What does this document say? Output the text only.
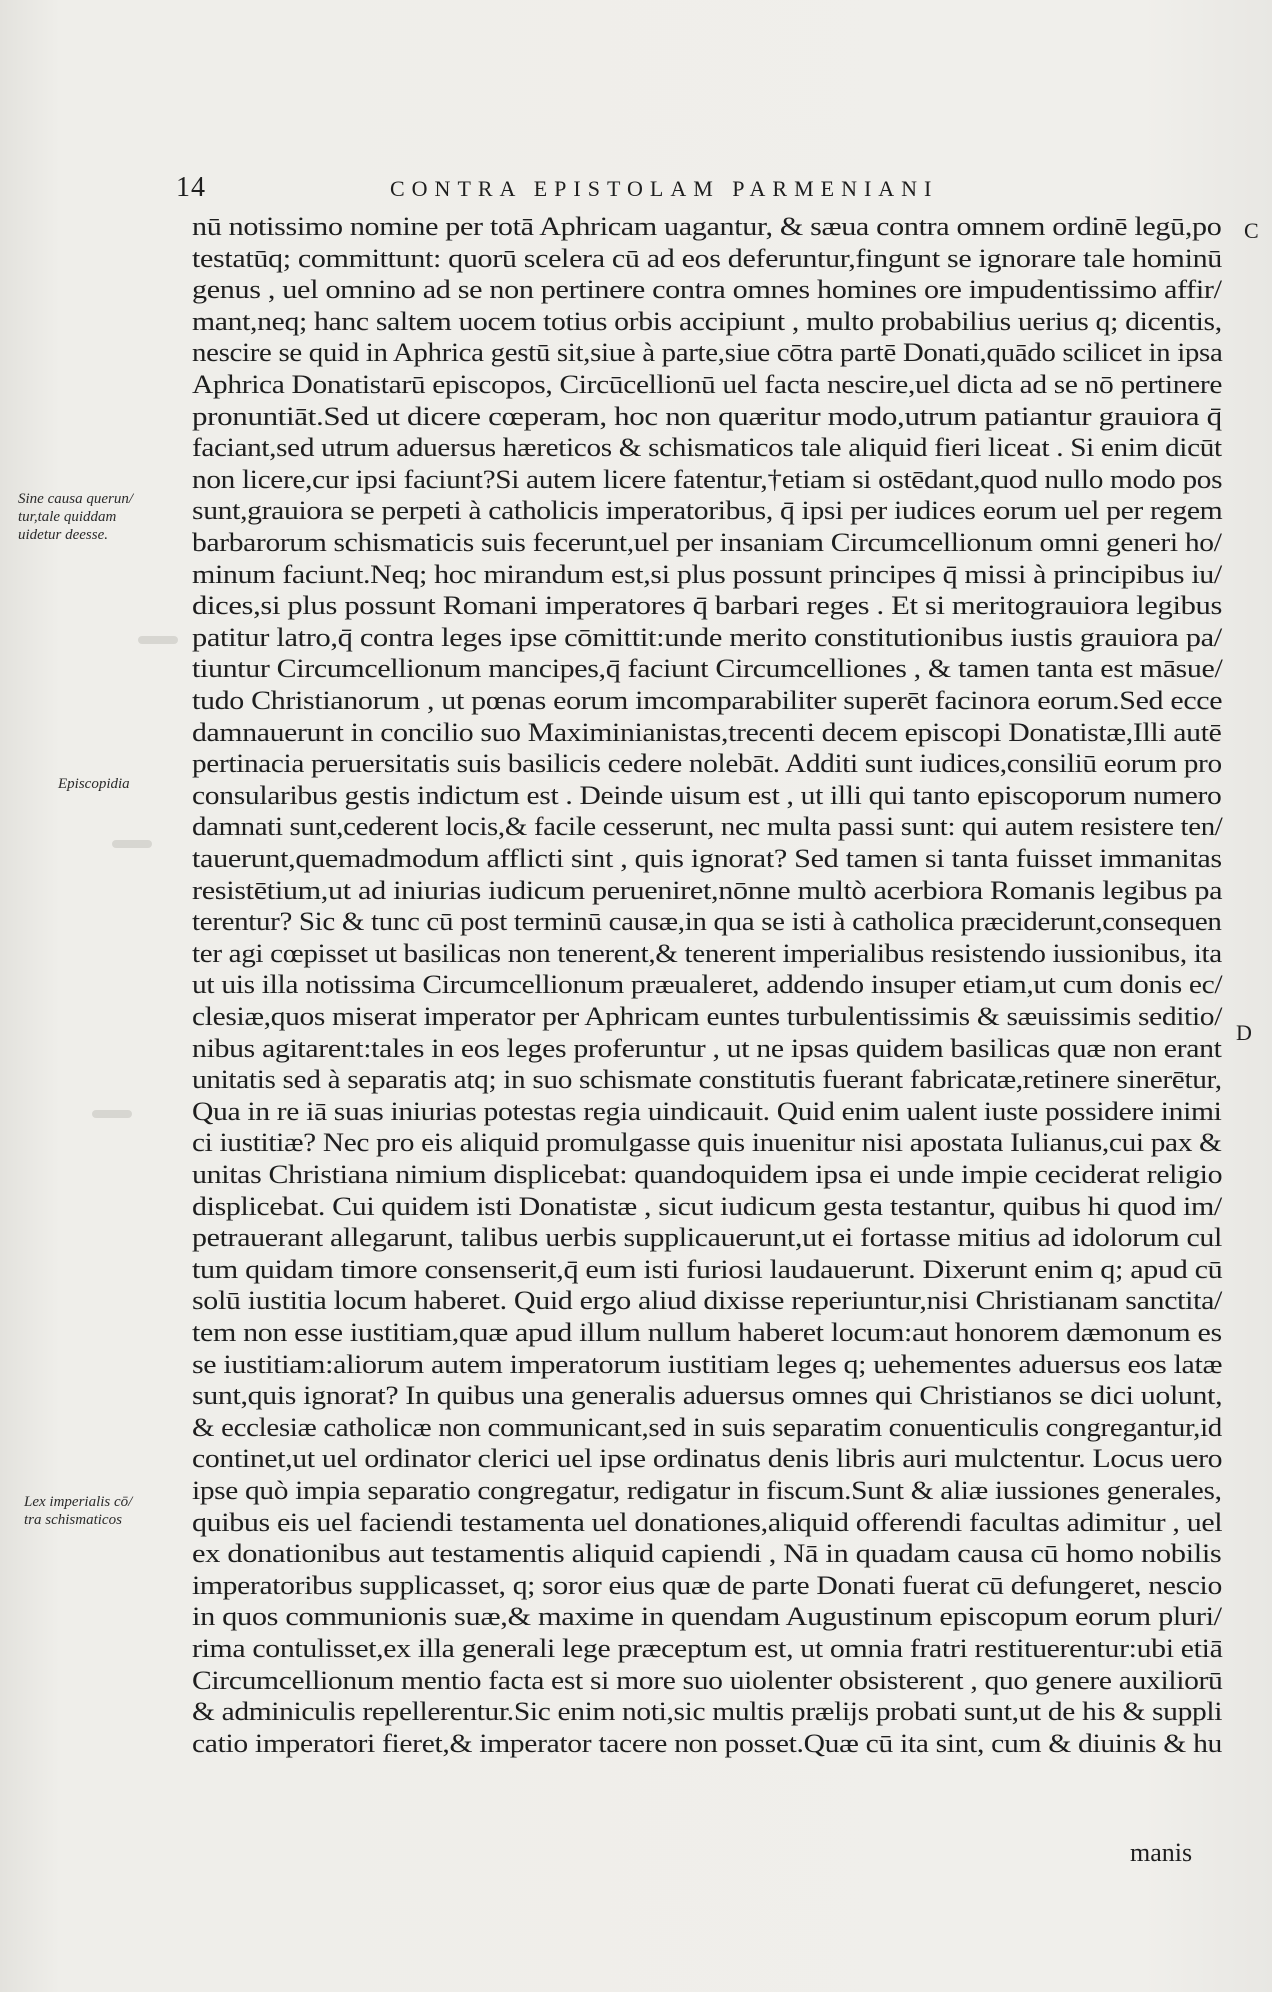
14	CONTRA EPISTOLAM PARMENIANI
nū notissimo nomine per totā Aphricam uagantur, & sæua contra omnem ordinē legū,po
testatūq; committunt: quorū scelera cū ad eos deferuntur,fingunt se ignorare tale hominū
genus , uel omnino ad se non pertinere contra omnes homines ore impudentissimo affir/
mant,neq; hanc saltem uocem totius orbis accipiunt , multo probabilius uerius q; dicentis,
nescire se quid in Aphrica gestū sit,siue à parte,siue cōtra partē Donati,quādo scilicet in ipsa
Aphrica Donatistarū episcopos, Circūcellionū uel facta nescire,uel dicta ad se nō pertinere
pronuntiāt.Sed ut dicere cœperam, hoc non quæritur modo,utrum patiantur grauiora q̄
faciant,sed utrum aduersus hæreticos & schismaticos tale aliquid fieri liceat . Si enim dicūt
non licere,cur ipsi faciunt?Si autem licere fatentur,†etiam si ostēdant,quod nullo modo pos
sunt,grauiora se perpeti à catholicis imperatoribus, q̄ ipsi per iudices eorum uel per regem
barbarorum schismaticis suis fecerunt,uel per insaniam Circumcellionum omni generi ho/
minum faciunt.Neq; hoc mirandum est,si plus possunt principes q̄ missi à principibus iu/
dices,si plus possunt Romani imperatores q̄ barbari reges . Et si meritograuiora legibus
patitur latro,q̄ contra leges ipse cōmittit:unde merito constitutionibus iustis grauiora pa/
tiuntur Circumcellionum mancipes,q̄ faciunt Circumcelliones , & tamen tanta est māsue/
tudo Christianorum , ut pœnas eorum imcomparabiliter superēt facinora eorum.Sed ecce
damnauerunt in concilio suo Maximinianistas,trecenti decem episcopi Donatistæ,Illi autē
pertinacia peruersitatis suis basilicis cedere nolebāt. Additi sunt iudices,consiliū eorum pro
consularibus gestis indictum est . Deinde uisum est , ut illi qui tanto episcoporum numero
damnati sunt,cederent locis,& facile cesserunt, nec multa passi sunt: qui autem resistere ten/
tauerunt,quemadmodum afflicti sint , quis ignorat? Sed tamen si tanta fuisset immanitas
resistētium,ut ad iniurias iudicum perueniret,nōnne multò acerbiora Romanis legibus pa
terentur? Sic & tunc cū post terminū causæ,in qua se isti à catholica præciderunt,consequen
ter agi cœpisset ut basilicas non tenerent,& tenerent imperialibus resistendo iussionibus, ita
ut uis illa notissima Circumcellionum præualeret, addendo insuper etiam,ut cum donis ec/
clesiæ,quos miserat imperator per Aphricam euntes turbulentissimis & sæuissimis seditio/
nibus agitarent:tales in eos leges proferuntur , ut ne ipsas quidem basilicas quæ non erant
unitatis sed à separatis atq; in suo schismate constitutis fuerant fabricatæ,retinere sinerētur,
Qua in re iā suas iniurias potestas regia uindicauit. Quid enim ualent iuste possidere inimi
ci iustitiæ? Nec pro eis aliquid promulgasse quis inuenitur nisi apostata Iulianus,cui pax &
unitas Christiana nimium displicebat: quandoquidem ipsa ei unde impie ceciderat religio
displicebat. Cui quidem isti Donatistæ , sicut iudicum gesta testantur, quibus hi quod im/
petrauerant allegarunt, talibus uerbis supplicauerunt,ut ei fortasse mitius ad idolorum cul
tum quidam timore consenserit,q̄ eum isti furiosi laudauerunt. Dixerunt enim q; apud cū
solū iustitia locum haberet. Quid ergo aliud dixisse reperiuntur,nisi Christianam sanctita/
tem non esse iustitiam,quæ apud illum nullum haberet locum:aut honorem dæmonum es
se iustitiam:aliorum autem imperatorum iustitiam leges q; uehementes aduersus eos latæ
sunt,quis ignorat? In quibus una generalis aduersus omnes qui Christianos se dici uolunt,
& ecclesiæ catholicæ non communicant,sed in suis separatim conuenticulis congregantur,id
continet,ut uel ordinator clerici uel ipse ordinatus denis libris auri mulctentur. Locus uero
ipse quò impia separatio congregatur, redigatur in fiscum.Sunt & aliæ iussiones generales,
quibus eis uel faciendi testamenta uel donationes,aliquid offerendi facultas adimitur , uel
ex donationibus aut testamentis aliquid capiendi , Nā in quadam causa cū homo nobilis
imperatoribus supplicasset, q; soror eius quæ de parte Donati fuerat cū defungeret, nescio
in quos communionis suæ,& maxime in quendam Augustinum episcopum eorum pluri/
rima contulisset,ex illa generali lege præceptum est, ut omnia fratri restituerentur:ubi etiā
Circumcellionum mentio facta est si more suo uiolenter obsisterent , quo genere auxiliorū
& adminiculis repellerentur.Sic enim noti,sic multis prælijs probati sunt,ut de his & suppli
catio imperatori fieret,& imperator tacere non posset.Quæ cū ita sint, cum & diuinis & hu
manis
Sine causa querun/
tur,tale quiddam
uidetur deesse.
Episcopidia
Lex imperialis cō/
tra schismaticos
C
D
